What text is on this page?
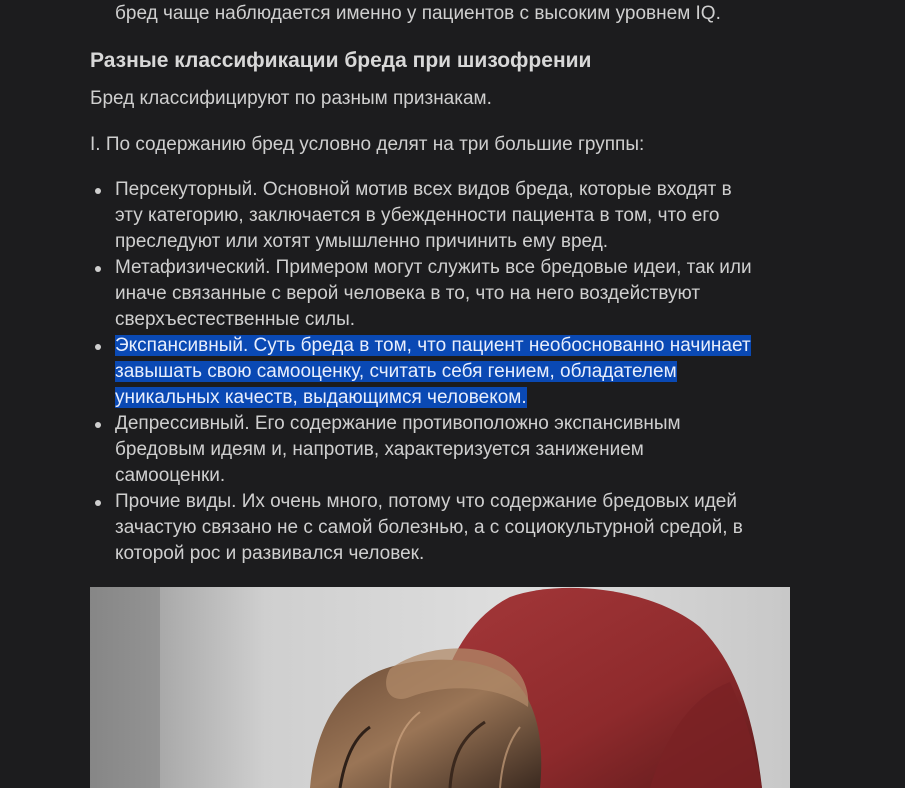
бред чаще наблюдается именно у пациентов с высоким уровнем IQ.
Разные классификации бреда при шизофрении

Бред классифицируют по разным признакам.

I. По содержанию бред условно делят на три большие группы:

Персекуторный. Основной мотив всех видов бреда, которые входят в
эту категорию, заключается в убежденности пациента в том, что его
преследуют или хотят умышленно причинить ему вред.
Метафизический. Примером могут служить все бредовые идеи, так или
иначе связанные с верой человека в то, что на него воздействуют
сверхъестественные силы.
Экспансивный. Суть бреда в том, что пациент необоснованно начинает
завышать свою самооценку, считать себя гением, обладателем
уникальных качеств, выдающимся человеком.
Депрессивный. Его содержание противоположно экспансивным
бредовым идеям и, напротив, характеризуется занижением
самооценки.
Прочие виды. Их очень много, потому что содержание бредовых идей
зачастую связано не с самой болезнью, а с социокультурной средой, в
которой рос и развивался человек.
